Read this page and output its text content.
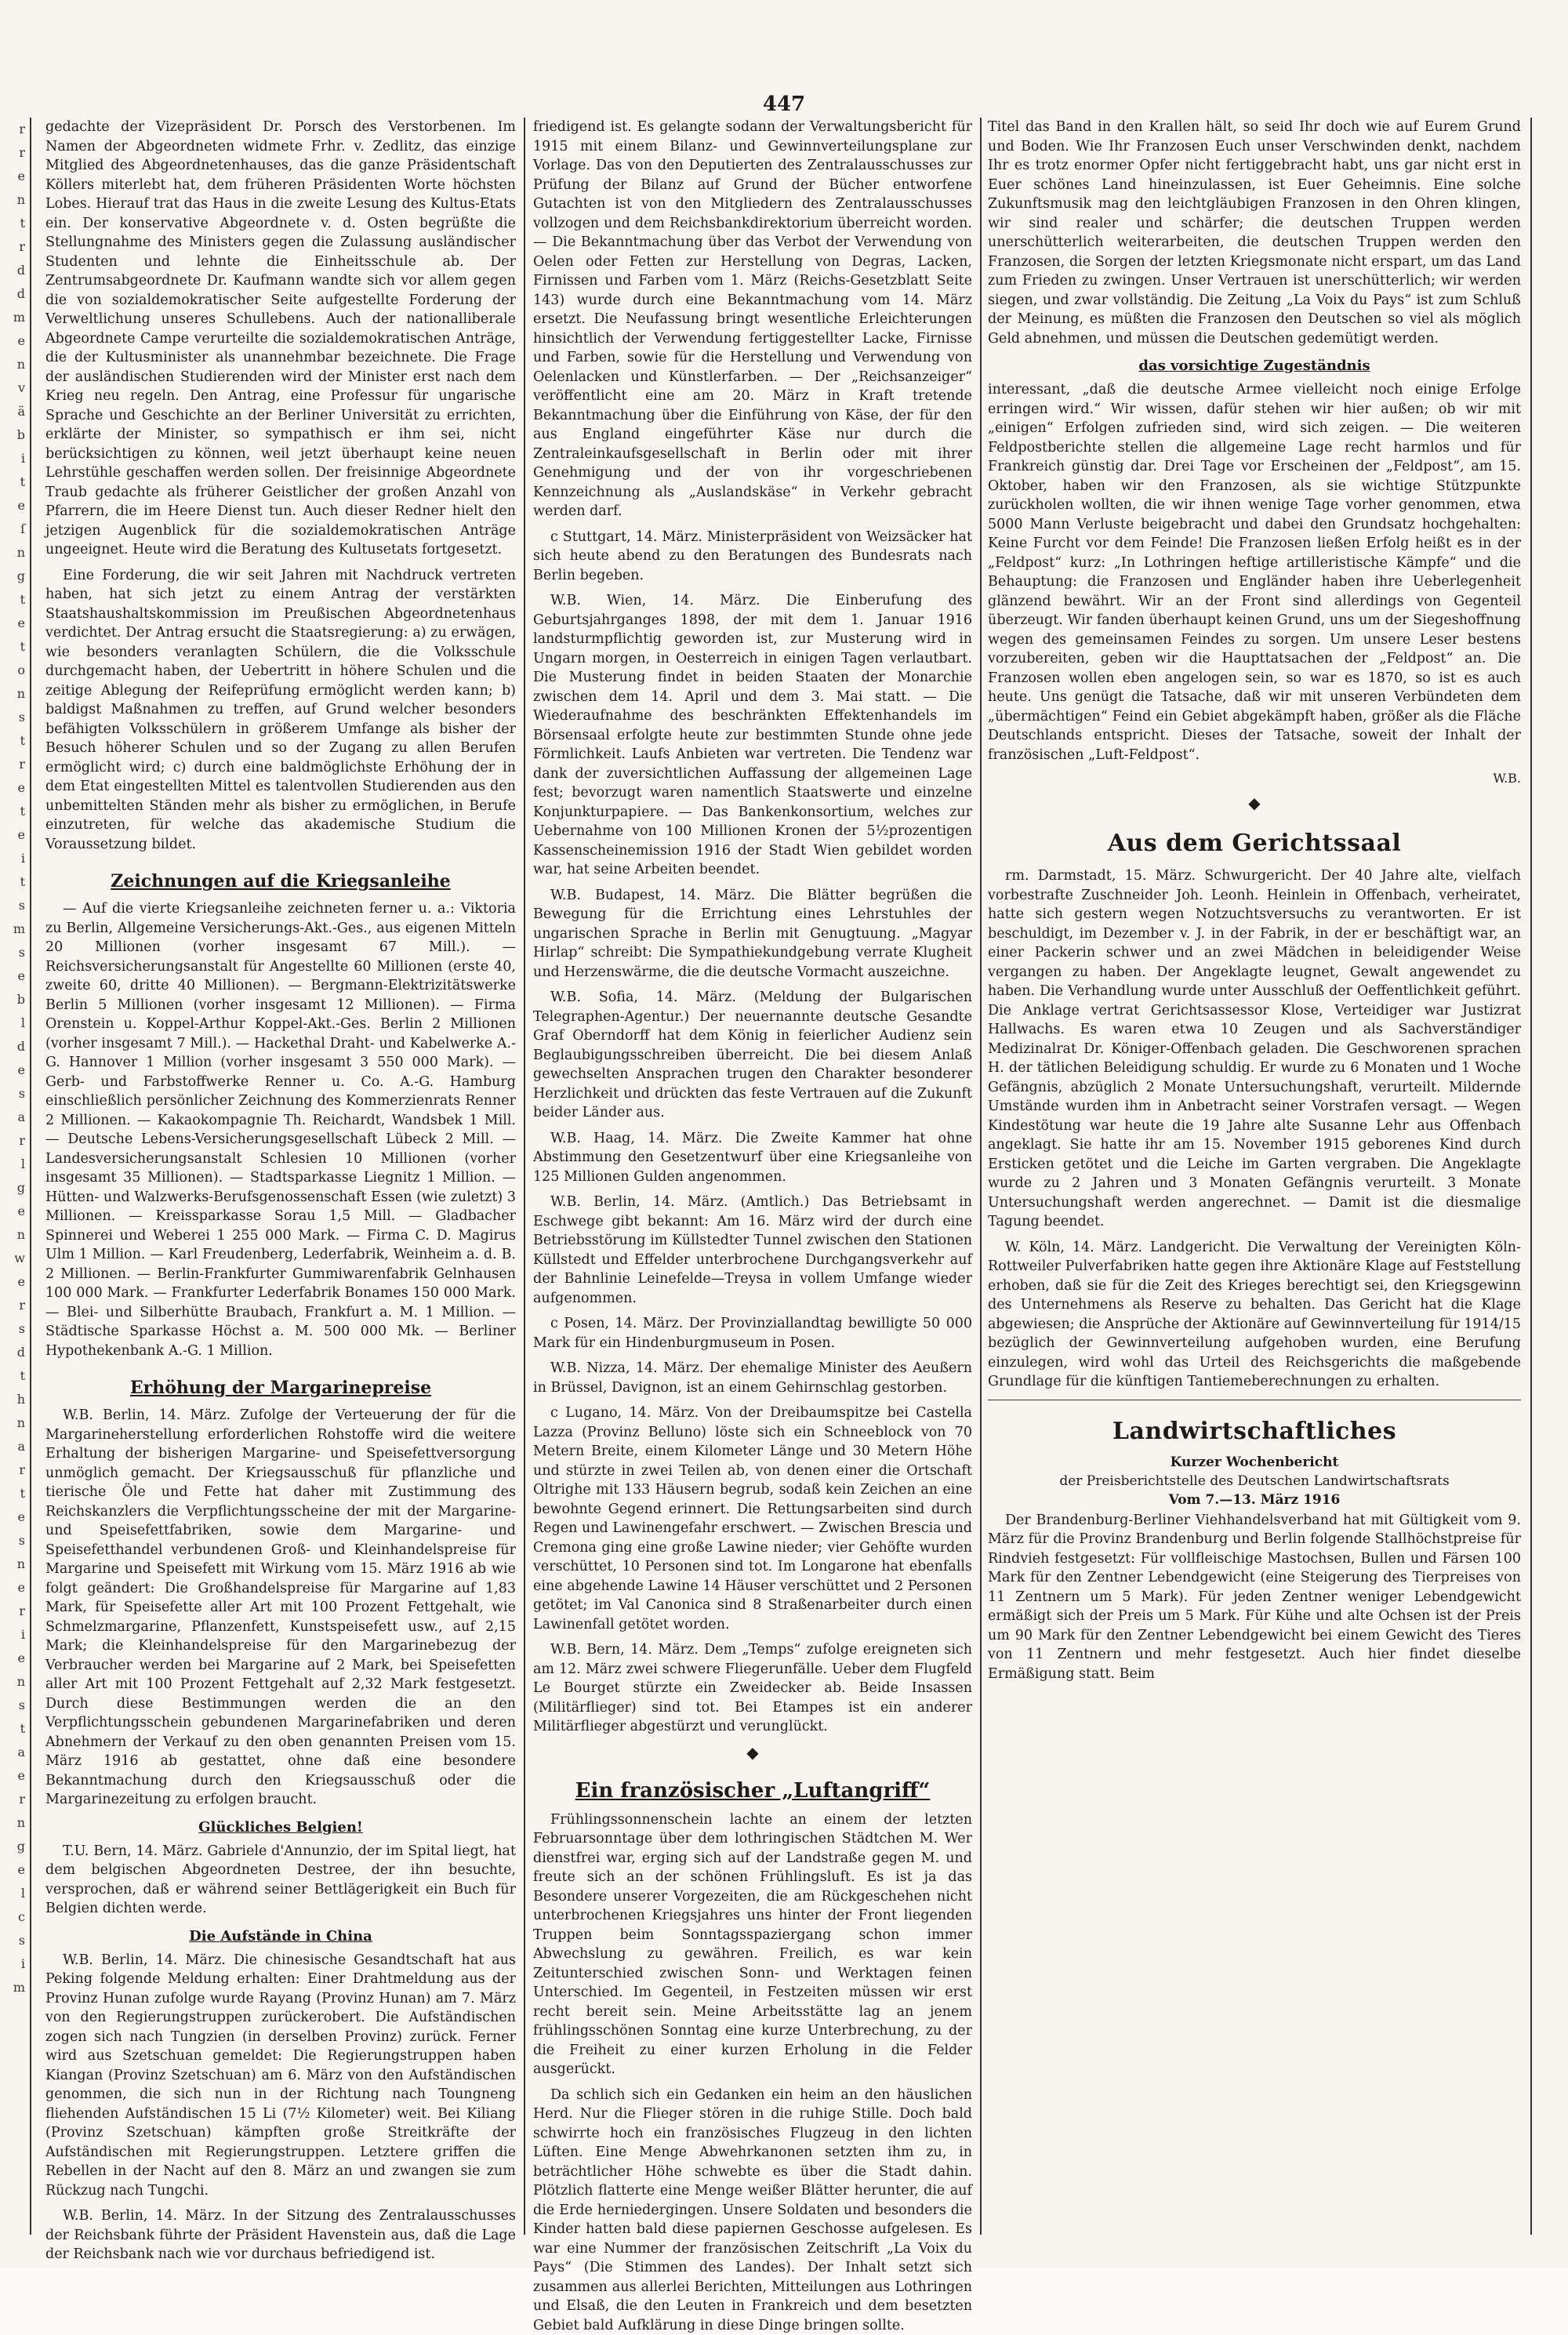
447
r
r
e
n
t
r
d
d
m
e
n
v
ä
b
i
t
e
ſ
n
g
t
e
t
o
n
s
t
r
e
t
e
i
t
s
m
s
e
b
l
d
e
s
a
r
l
g
e
n
w
e
r
s
d
t
h
n
a
r
t
e
s
n
e
r
i
e
n
s
t
a
e
r
n
g
e
l
c
s
i
m

gedachte der Vizepräsident Dr. Porsch des Verstorbenen. Im Namen der Abgeordneten widmete Frhr. v. Zedlitz, das einzige Mitglied des Abgeordnetenhauses, das die ganze Präsidentschaft Köllers miterlebt hat, dem früheren Präsidenten Worte höchsten Lobes. Hierauf trat das Haus in die zweite Lesung des Kultus-Etats ein. Der konservative Abgeordnete v. d. Osten begrüßte die Stellungnahme des Ministers gegen die Zulassung ausländischer Studenten und lehnte die Einheitsschule ab. Der Zentrumsabgeordnete Dr. Kaufmann wandte sich vor allem gegen die von sozialdemokratischer Seite aufgestellte Forderung der Verweltlichung unseres Schullebens. Auch der nationalliberale Abgeordnete Campe verurteilte die sozialdemokratischen Anträge, die der Kultusminister als unannehmbar bezeichnete. Die Frage der ausländischen Studierenden wird der Minister erst nach dem Krieg neu regeln. Den Antrag, eine Professur für ungarische Sprache und Geschichte an der Berliner Universität zu errichten, erklärte der Minister, so sympathisch er ihm sei, nicht berücksichtigen zu können, weil jetzt überhaupt keine neuen Lehrstühle geschaffen werden sollen. Der freisinnige Abgeordnete Traub gedachte als früherer Geistlicher der großen Anzahl von Pfarrern, die im Heere Dienst tun. Auch dieser Redner hielt den jetzigen Augenblick für die sozialdemokratischen Anträge ungeeignet. Heute wird die Beratung des Kultusetats fortgesetzt.

Eine Forderung, die wir seit Jahren mit Nachdruck vertreten haben, hat sich jetzt zu einem Antrag der verstärkten Staatshaushaltskommission im Preußischen Abgeordnetenhaus verdichtet. Der Antrag ersucht die Staatsregierung: a) zu erwägen, wie besonders veranlagten Schülern, die die Volksschule durchgemacht haben, der Uebertritt in höhere Schulen und die zeitige Ablegung der Reifeprüfung ermöglicht werden kann; b) baldigst Maßnahmen zu treffen, auf Grund welcher besonders befähigten Volksschülern in größerem Umfange als bisher der Besuch höherer Schulen und so der Zugang zu allen Berufen ermöglicht wird; c) durch eine baldmöglichste Erhöhung der in dem Etat eingestellten Mittel es talentvollen Studierenden aus den unbemittelten Ständen mehr als bisher zu ermöglichen, in Berufe einzutreten, für welche das akademische Studium die Voraussetzung bildet.

Zeichnungen auf die Kriegsanleihe

— Auf die vierte Kriegsanleihe zeichneten ferner u. a.: Viktoria zu Berlin, Allgemeine Versicherungs-Akt.-Ges., aus eigenen Mitteln 20 Millionen (vorher insgesamt 67 Mill.). — Reichsversicherungsanstalt für Angestellte 60 Millionen (erste 40, zweite 60, dritte 40 Millionen). — Bergmann-Elektrizitätswerke Berlin 5 Millionen (vorher insgesamt 12 Millionen). — Firma Orenstein u. Koppel-Arthur Koppel-Akt.-Ges. Berlin 2 Millionen (vorher insgesamt 7 Mill.). — Hackethal Draht- und Kabelwerke A.-G. Hannover 1 Million (vorher insgesamt 3 550 000 Mark). — Gerb- und Farbstoffwerke Renner u. Co. A.-G. Hamburg einschließlich persönlicher Zeichnung des Kommerzienrats Renner 2 Millionen. — Kakaokompagnie Th. Reichardt, Wandsbek 1 Mill. — Deutsche Lebens-Versicherungsgesellschaft Lübeck 2 Mill. — Landesversicherungsanstalt Schlesien 10 Millionen (vorher insgesamt 35 Millionen). — Stadtsparkasse Liegnitz 1 Million. — Hütten- und Walzwerks-Berufsgenossenschaft Essen (wie zuletzt) 3 Millionen. — Kreissparkasse Sorau 1,5 Mill. — Gladbacher Spinnerei und Weberei 1 255 000 Mark. — Firma C. D. Magirus Ulm 1 Million. — Karl Freudenberg, Lederfabrik, Weinheim a. d. B. 2 Millionen. — Berlin-Frankfurter Gummiwarenfabrik Gelnhausen 100 000 Mark. — Frankfurter Lederfabrik Bonames 150 000 Mark. — Blei- und Silberhütte Braubach, Frankfurt a. M. 1 Million. — Städtische Sparkasse Höchst a. M. 500 000 Mk. — Berliner Hypothekenbank A.-G. 1 Million.

Erhöhung der Margarinepreise

W.B. Berlin, 14. März. Zufolge der Verteuerung der für die Margarineherstellung erforderlichen Rohstoffe wird die weitere Erhaltung der bisherigen Margarine- und Speisefettversorgung unmöglich gemacht. Der Kriegsausschuß für pflanzliche und tierische Öle und Fette hat daher mit Zustimmung des Reichskanzlers die Verpflichtungsscheine der mit der Margarine- und Speisefettfabriken, sowie dem Margarine- und Speisefetthandel verbundenen Groß- und Kleinhandelspreise für Margarine und Speisefett mit Wirkung vom 15. März 1916 ab wie folgt geändert: Die Großhandelspreise für Margarine auf 1,83 Mark, für Speisefette aller Art mit 100 Prozent Fettgehalt, wie Schmelzmargarine, Pflanzenfett, Kunstspeisefett usw., auf 2,15 Mark; die Kleinhandelspreise für den Margarinebezug der Verbraucher werden bei Margarine auf 2 Mark, bei Speisefetten aller Art mit 100 Prozent Fettgehalt auf 2,32 Mark festgesetzt. Durch diese Bestimmungen werden die an den Verpflichtungsschein gebundenen Margarinefabriken und deren Abnehmern der Verkauf zu den oben genannten Preisen vom 15. März 1916 ab gestattet, ohne daß eine besondere Bekanntmachung durch den Kriegsausschuß oder die Margarinezeitung zu erfolgen braucht.

Glückliches Belgien!

T.U. Bern, 14. März. Gabriele d'Annunzio, der im Spital liegt, hat dem belgischen Abgeordneten Destree, der ihn besuchte, versprochen, daß er während seiner Bettlägerigkeit ein Buch für Belgien dichten werde.

Die Aufstände in China

W.B. Berlin, 14. März. Die chinesische Gesandtschaft hat aus Peking folgende Meldung erhalten: Einer Drahtmeldung aus der Provinz Hunan zufolge wurde Rayang (Provinz Hunan) am 7. März von den Regierungstruppen zurückerobert. Die Aufständischen zogen sich nach Tungzien (in derselben Provinz) zurück. Ferner wird aus Szetschuan gemeldet: Die Regierungstruppen haben Kiangan (Provinz Szetschuan) am 6. März von den Aufständischen genommen, die sich nun in der Richtung nach Toungneng fliehenden Aufständischen 15 Li (7½ Kilometer) weit. Bei Kiliang (Provinz Szetschuan) kämpften große Streitkräfte der Aufständischen mit Regierungstruppen. Letztere griffen die Rebellen in der Nacht auf den 8. März an und zwangen sie zum Rückzug nach Tungchi.

W.B. Berlin, 14. März. In der Sitzung des Zentralausschusses der Reichsbank führte der Präsident Havenstein aus, daß die Lage der Reichsbank nach wie vor durchaus befriedigend ist.

friedigend ist. Es gelangte sodann der Verwaltungsbericht für 1915 mit einem Bilanz- und Gewinnverteilungsplane zur Vorlage. Das von den Deputierten des Zentralausschusses zur Prüfung der Bilanz auf Grund der Bücher entworfene Gutachten ist von den Mitgliedern des Zentralausschusses vollzogen und dem Reichsbankdirektorium überreicht worden. — Die Bekanntmachung über das Verbot der Verwendung von Oelen oder Fetten zur Herstellung von Degras, Lacken, Firnissen und Farben vom 1. März (Reichs-Gesetzblatt Seite 143) wurde durch eine Bekanntmachung vom 14. März ersetzt. Die Neufassung bringt wesentliche Erleichterungen hinsichtlich der Verwendung fertiggestellter Lacke, Firnisse und Farben, sowie für die Herstellung und Verwendung von Oelenlacken und Künstlerfarben. — Der „Reichsanzeiger“ veröffentlicht eine am 20. März in Kraft tretende Bekanntmachung über die Einführung von Käse, der für den aus England eingeführter Käse nur durch die Zentraleinkaufsgesellschaft in Berlin oder mit ihrer Genehmigung und der von ihr vorgeschriebenen Kennzeichnung als „Auslandskäse“ in Verkehr gebracht werden darf.

c Stuttgart, 14. März. Ministerpräsident von Weizsäcker hat sich heute abend zu den Beratungen des Bundesrats nach Berlin begeben.

W.B. Wien, 14. März. Die Einberufung des Geburtsjahrganges 1898, der mit dem 1. Januar 1916 landsturmpflichtig geworden ist, zur Musterung wird in Ungarn morgen, in Oesterreich in einigen Tagen verlautbart. Die Musterung findet in beiden Staaten der Monarchie zwischen dem 14. April und dem 3. Mai statt. — Die Wiederaufnahme des beschränkten Effektenhandels im Börsensaal erfolgte heute zur bestimmten Stunde ohne jede Förmlichkeit. Laufs Anbieten war vertreten. Die Tendenz war dank der zuversichtlichen Auffassung der allgemeinen Lage fest; bevorzugt waren namentlich Staatswerte und einzelne Konjunkturpapiere. — Das Bankenkonsortium, welches zur Uebernahme von 100 Millionen Kronen der 5½prozentigen Kassenscheinemission 1916 der Stadt Wien gebildet worden war, hat seine Arbeiten beendet.

W.B. Budapest, 14. März. Die Blätter begrüßen die Bewegung für die Errichtung eines Lehrstuhles der ungarischen Sprache in Berlin mit Genugtuung. „Magyar Hirlap“ schreibt: Die Sympathiekundgebung verrate Klugheit und Herzenswärme, die die deutsche Vormacht auszeichne.

W.B. Sofia, 14. März. (Meldung der Bulgarischen Telegraphen-Agentur.) Der neuernannte deutsche Gesandte Graf Oberndorff hat dem König in feierlicher Audienz sein Beglaubigungsschreiben überreicht. Die bei diesem Anlaß gewechselten Ansprachen trugen den Charakter besonderer Herzlichkeit und drückten das feste Vertrauen auf die Zukunft beider Länder aus.

W.B. Haag, 14. März. Die Zweite Kammer hat ohne Abstimmung den Gesetzentwurf über eine Kriegsanleihe von 125 Millionen Gulden angenommen.

W.B. Berlin, 14. März. (Amtlich.) Das Betriebsamt in Eschwege gibt bekannt: Am 16. März wird der durch eine Betriebsstörung im Küllstedter Tunnel zwischen den Stationen Küllstedt und Effelder unterbrochene Durchgangsverkehr auf der Bahnlinie Leinefelde—Treysa in vollem Umfange wieder aufgenommen.

c Posen, 14. März. Der Provinziallandtag bewilligte 50 000 Mark für ein Hindenburgmuseum in Posen.

W.B. Nizza, 14. März. Der ehemalige Minister des Aeußern in Brüssel, Davignon, ist an einem Gehirnschlag gestorben.

c Lugano, 14. März. Von der Dreibaumspitze bei Castella Lazza (Provinz Belluno) löste sich ein Schneeblock von 70 Metern Breite, einem Kilometer Länge und 30 Metern Höhe und stürzte in zwei Teilen ab, von denen einer die Ortschaft Oltrighe mit 133 Häusern begrub, sodaß kein Zeichen an eine bewohnte Gegend erinnert. Die Rettungsarbeiten sind durch Regen und Lawinengefahr erschwert. — Zwischen Brescia und Cremona ging eine große Lawine nieder; vier Gehöfte wurden verschüttet, 10 Personen sind tot. Im Longarone hat ebenfalls eine abgehende Lawine 14 Häuser verschüttet und 2 Personen getötet; im Val Canonica sind 8 Straßenarbeiter durch einen Lawinenfall getötet worden.

W.B. Bern, 14. März. Dem „Temps“ zufolge ereigneten sich am 12. März zwei schwere Fliegerunfälle. Ueber dem Flugfeld Le Bourget stürzte ein Zweidecker ab. Beide Insassen (Militärflieger) sind tot. Bei Etampes ist ein anderer Militärflieger abgestürzt und verunglückt.

◆
Ein französischer „Luftangriff“

Frühlingssonnenschein lachte an einem der letzten Februarsonntage über dem lothringischen Städtchen M. Wer dienstfrei war, erging sich auf der Landstraße gegen M. und freute sich an der schönen Frühlingsluft. Es ist ja das Besondere unserer Vorgezeiten, die am Rückgeschehen nicht unterbrochenen Kriegsjahres uns hinter der Front liegenden Truppen beim Sonntagsspaziergang schon immer Abwechslung zu gewähren. Freilich, es war kein Zeitunterschied zwischen Sonn- und Werktagen feinen Unterschied. Im Gegenteil, in Festzeiten müssen wir erst recht bereit sein. Meine Arbeitsstätte lag an jenem frühlingsschönen Sonntag eine kurze Unterbrechung, zu der die Freiheit zu einer kurzen Erholung in die Felder ausgerückt.

Da schlich sich ein Gedanken ein heim an den häuslichen Herd. Nur die Flieger stören in die ruhige Stille. Doch bald schwirrte hoch ein französisches Flugzeug in den lichten Lüften. Eine Menge Abwehrkanonen setzten ihm zu, in beträchtlicher Höhe schwebte es über die Stadt dahin. Plötzlich flatterte eine Menge weißer Blätter herunter, die auf die Erde herniedergingen. Unsere Soldaten und besonders die Kinder hatten bald diese papiernen Geschosse aufgelesen. Es war eine Nummer der französischen Zeitschrift „La Voix du Pays“ (Die Stimmen des Landes). Der Inhalt setzt sich zusammen aus allerlei Berichten, Mitteilungen aus Lothringen und Elsaß, die den Leuten in Frankreich und dem besetzten Gebiet bald Aufklärung in diese Dinge bringen sollte.

Titel das Band in den Krallen hält, so seid Ihr doch wie auf Eurem Grund und Boden. Wie Ihr Franzosen Euch unser Verschwinden denkt, nachdem Ihr es trotz enormer Opfer nicht fertiggebracht habt, uns gar nicht erst in Euer schönes Land hineinzulassen, ist Euer Geheimnis. Eine solche Zukunftsmusik mag den leichtgläubigen Franzosen in den Ohren klingen, wir sind realer und schärfer; die deutschen Truppen werden unerschütterlich weiterarbeiten, die deutschen Truppen werden den Franzosen, die Sorgen der letzten Kriegsmonate nicht erspart, um das Land zum Frieden zu zwingen. Unser Vertrauen ist unerschütterlich; wir werden siegen, und zwar vollständig. Die Zeitung „La Voix du Pays“ ist zum Schluß der Meinung, es müßten die Franzosen den Deutschen so viel als möglich Geld abnehmen, und müssen die Deutschen gedemütigt werden.

das vorsichtige Zugeständnis

interessant, „daß die deutsche Armee vielleicht noch einige Erfolge erringen wird.“ Wir wissen, dafür stehen wir hier außen; ob wir mit „einigen“ Erfolgen zufrieden sind, wird sich zeigen. — Die weiteren Feldpostberichte stellen die allgemeine Lage recht harmlos und für Frankreich günstig dar. Drei Tage vor Erscheinen der „Feldpost“, am 15. Oktober, haben wir den Franzosen, als sie wichtige Stützpunkte zurückholen wollten, die wir ihnen wenige Tage vorher genommen, etwa 5000 Mann Verluste beigebracht und dabei den Grundsatz hochgehalten: Keine Furcht vor dem Feinde! Die Franzosen ließen Erfolg heißt es in der „Feldpost“ kurz: „In Lothringen heftige artilleristische Kämpfe“ und die Behauptung: die Franzosen und Engländer haben ihre Ueberlegenheit glänzend bewährt. Wir an der Front sind allerdings von Gegenteil überzeugt. Wir fanden überhaupt keinen Grund, uns um der Siegeshoffnung wegen des gemeinsamen Feindes zu sorgen. Um unsere Leser bestens vorzubereiten, geben wir die Haupttatsachen der „Feldpost“ an. Die Franzosen wollen eben angelogen sein, so war es 1870, so ist es auch heute. Uns genügt die Tatsache, daß wir mit unseren Verbündeten dem „übermächtigen“ Feind ein Gebiet abgekämpft haben, größer als die Fläche Deutschlands entspricht. Dieses der Tatsache, soweit der Inhalt der französischen „Luft-Feldpost“.

W.B.
◆
Aus dem Gerichtssaal

rm. Darmstadt, 15. März. Schwurgericht. Der 40 Jahre alte, vielfach vorbestrafte Zuschneider Joh. Leonh. Heinlein in Offenbach, verheiratet, hatte sich gestern wegen Notzuchtsversuchs zu verantworten. Er ist beschuldigt, im Dezember v. J. in der Fabrik, in der er beschäftigt war, an einer Packerin schwer und an zwei Mädchen in beleidigender Weise vergangen zu haben. Der Angeklagte leugnet, Gewalt angewendet zu haben. Die Verhandlung wurde unter Ausschluß der Oeffentlichkeit geführt. Die Anklage vertrat Gerichtsassessor Klose, Verteidiger war Justizrat Hallwachs. Es waren etwa 10 Zeugen und als Sachverständiger Medizinalrat Dr. Königer-Offenbach geladen. Die Geschworenen sprachen H. der tätlichen Beleidigung schuldig. Er wurde zu 6 Monaten und 1 Woche Gefängnis, abzüglich 2 Monate Untersuchungshaft, verurteilt. Mildernde Umstände wurden ihm in Anbetracht seiner Vorstrafen versagt. — Wegen Kindestötung war heute die 19 Jahre alte Susanne Lehr aus Offenbach angeklagt. Sie hatte ihr am 15. November 1915 geborenes Kind durch Ersticken getötet und die Leiche im Garten vergraben. Die Angeklagte wurde zu 2 Jahren und 3 Monaten Gefängnis verurteilt. 3 Monate Untersuchungshaft werden angerechnet. — Damit ist die diesmalige Tagung beendet.

W. Köln, 14. März. Landgericht. Die Verwaltung der Vereinigten Köln-Rottweiler Pulverfabriken hatte gegen ihre Aktionäre Klage auf Feststellung erhoben, daß sie für die Zeit des Krieges berechtigt sei, den Kriegsgewinn des Unternehmens als Reserve zu behalten. Das Gericht hat die Klage abgewiesen; die Ansprüche der Aktionäre auf Gewinnverteilung für 1914/15 bezüglich der Gewinnverteilung aufgehoben wurden, eine Berufung einzulegen, wird wohl das Urteil des Reichsgerichts die maßgebende Grundlage für die künftigen Tantiemeberechnungen zu erhalten.

Landwirtschaftliches
Kurzer Wochenbericht
der Preisberichtstelle des Deutschen Landwirtschaftsrats
Vom 7.—13. März 1916

Der Brandenburg-Berliner Viehhandelsverband hat mit Gültigkeit vom 9. März für die Provinz Brandenburg und Berlin folgende Stallhöchstpreise für Rindvieh festgesetzt: Für vollfleischige Mastochsen, Bullen und Färsen 100 Mark für den Zentner Lebendgewicht (eine Steigerung des Tierpreises von 11 Zentnern um 5 Mark). Für jeden Zentner weniger Lebendgewicht ermäßigt sich der Preis um 5 Mark. Für Kühe und alte Ochsen ist der Preis um 90 Mark für den Zentner Lebendgewicht bei einem Gewicht des Tieres von 11 Zentnern und mehr festgesetzt. Auch hier findet dieselbe Ermäßigung statt. Beim
